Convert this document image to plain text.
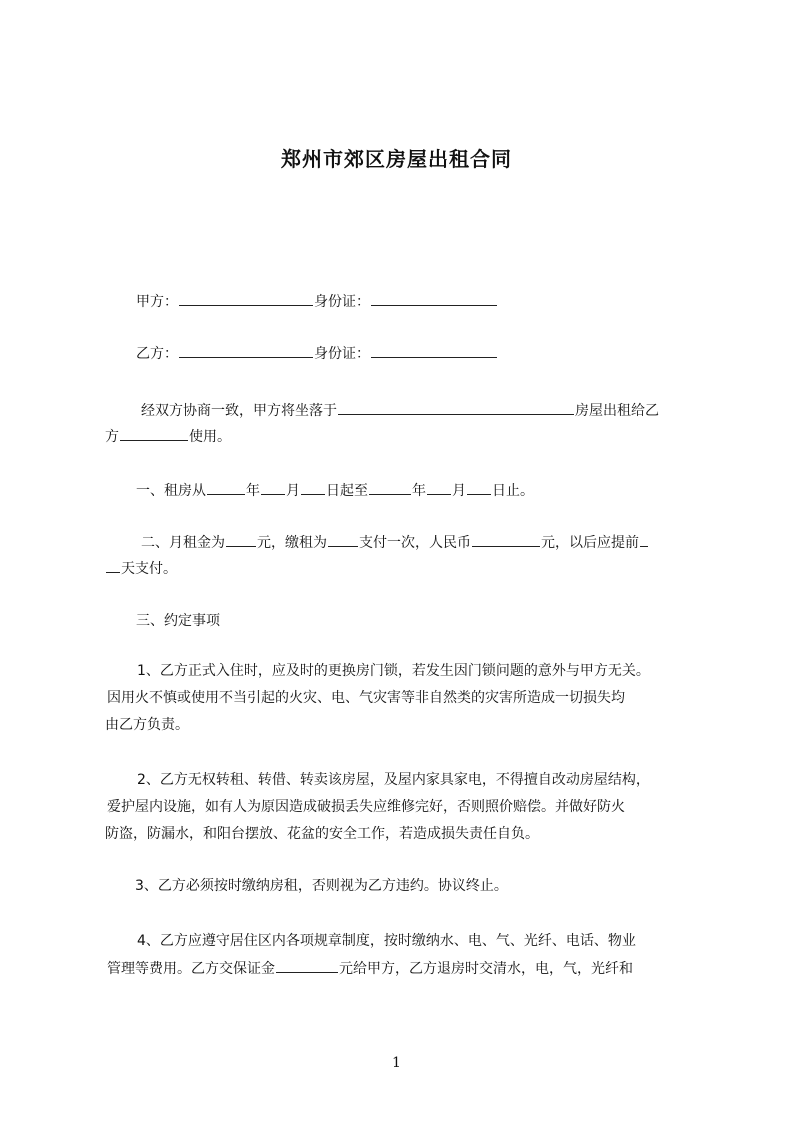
郑州市郊区房屋出租合同

甲方：	身份证：

乙方：	身份证：

经双方协商一致，甲方将坐落于	房屋出租给乙

方	使用。

一、租房从	年 月 日起至	年 月 日止。

二、月租金为 元，缴租为 支付一次，人民币	元，以后应提前

天支付。

三、约定事项

1、乙方正式入住时，应及时的更换房门锁，若发生因门锁问题的意外与甲方无关。

因用火不慎或使用不当引起的火灾、电、气灾害等非自然类的灾害所造成一切损失均

由乙方负责。

2、乙方无权转租、转借、转卖该房屋，及屋内家具家电，不得擅自改动房屋结构，

爱护屋内设施，如有人为原因造成破损丢失应维修完好，否则照价赔偿。并做好防火

防盗，防漏水，和阳台摆放、花盆的安全工作，若造成损失责任自负。

3、乙方必须按时缴纳房租，否则视为乙方违约。协议终止。

4、乙方应遵守居住区内各项规章制度，按时缴纳水、电、气、光纤、电话、物业

管理等费用。乙方交保证金	元给甲方，乙方退房时交清水，电，气，光纤和

1
